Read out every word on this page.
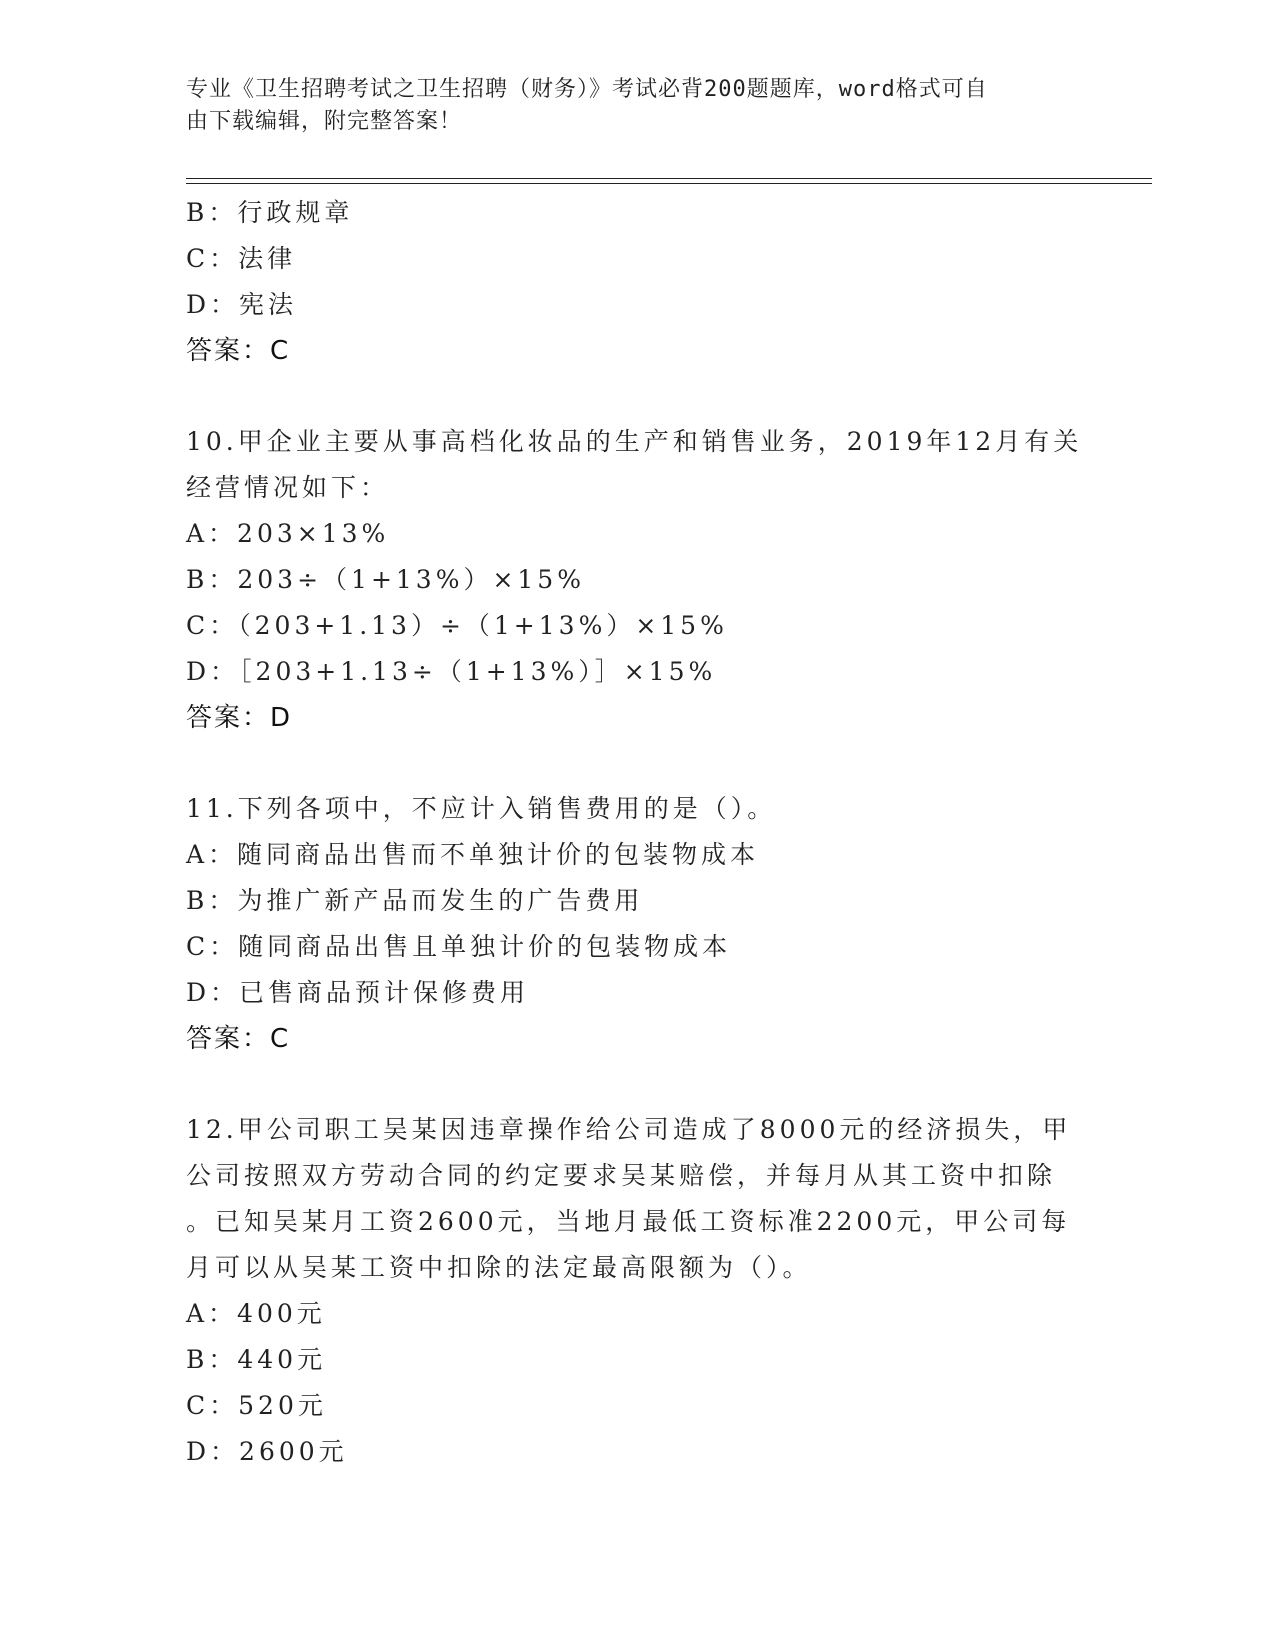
专业《卫生招聘考试之卫生招聘（财务）》考试必背200题题库，word格式可自
由下载编辑，附完整答案！
B：行政规章
C：法律
D：宪法
答案：C
10.甲企业主要从事高档化妆品的生产和销售业务，2019年12月有关
经营情况如下：
A：203×13%
B：203÷（1+13%）×15%
C：（203+1.13）÷（1+13%）×15%
D：［203+1.13÷（1+13%）］×15%
答案：D
11.下列各项中，不应计入销售费用的是（）。
A：随同商品出售而不单独计价的包装物成本
B：为推广新产品而发生的广告费用
C：随同商品出售且单独计价的包装物成本
D：已售商品预计保修费用
答案：C
12.甲公司职工吴某因违章操作给公司造成了8000元的经济损失，甲
公司按照双方劳动合同的约定要求吴某赔偿，并每月从其工资中扣除
。已知吴某月工资2600元，当地月最低工资标准2200元，甲公司每
月可以从吴某工资中扣除的法定最高限额为（）。
A：400元
B：440元
C：520元
D：2600元
